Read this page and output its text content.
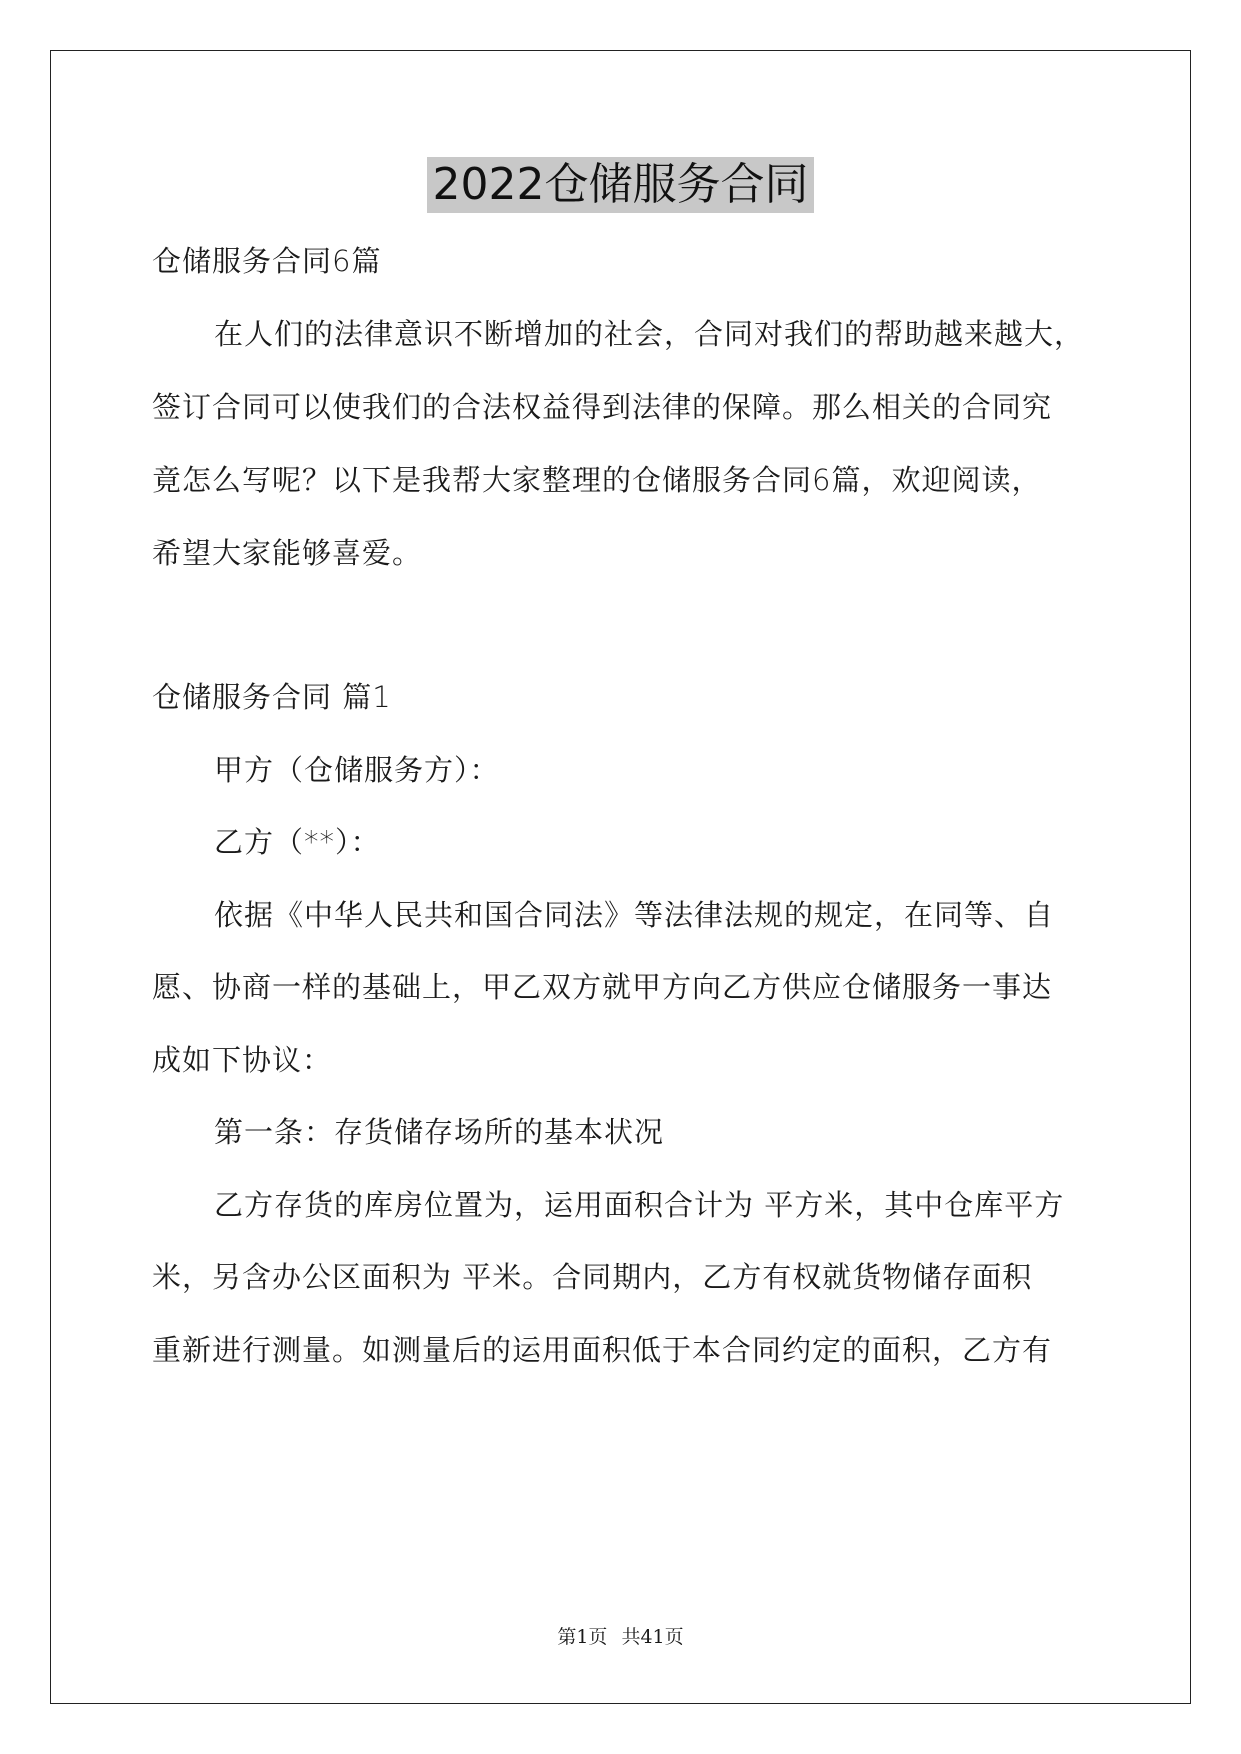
2022仓储服务合同
仓储服务合同6篇
在人们的法律意识不断增加的社会，合同对我们的帮助越来越大，
签订合同可以使我们的合法权益得到法律的保障。那么相关的合同究
竟怎么写呢？以下是我帮大家整理的仓储服务合同6篇，欢迎阅读，
希望大家能够喜爱。
仓储服务合同 篇1
甲方（仓储服务方）：
乙方（**）：
依据《中华人民共和国合同法》等法律法规的规定，在同等、自
愿、协商一样的基础上，甲乙双方就甲方向乙方供应仓储服务一事达
成如下协议：
第一条：存货储存场所的基本状况
乙方存货的库房位置为，运用面积合计为 平方米，其中仓库平方
米，另含办公区面积为 平米。合同期内，乙方有权就货物储存面积
重新进行测量。如测量后的运用面积低于本合同约定的面积，乙方有
第1页 共41页
